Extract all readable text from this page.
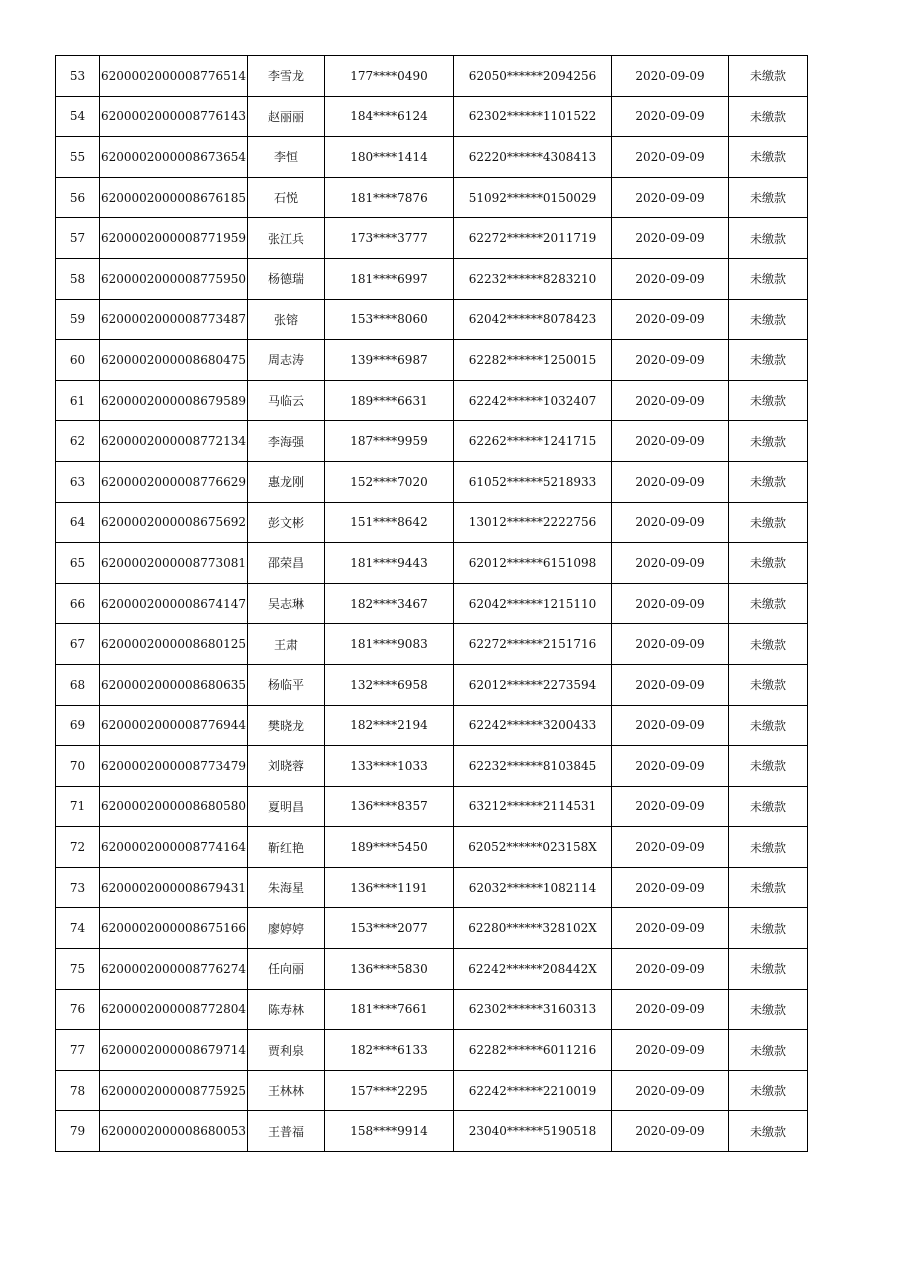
53	6200002000008776514	李雪龙	177****0490	62050******2094256	2020-09-09	未缴款
54	6200002000008776143	赵丽丽	184****6124	62302******1101522	2020-09-09	未缴款
55	6200002000008673654	李恒	180****1414	62220******4308413	2020-09-09	未缴款
56	6200002000008676185	石悦	181****7876	51092******0150029	2020-09-09	未缴款
57	6200002000008771959	张江兵	173****3777	62272******2011719	2020-09-09	未缴款
58	6200002000008775950	杨德瑞	181****6997	62232******8283210	2020-09-09	未缴款
59	6200002000008773487	张镕	153****8060	62042******8078423	2020-09-09	未缴款
60	6200002000008680475	周志涛	139****6987	62282******1250015	2020-09-09	未缴款
61	6200002000008679589	马临云	189****6631	62242******1032407	2020-09-09	未缴款
62	6200002000008772134	李海强	187****9959	62262******1241715	2020-09-09	未缴款
63	6200002000008776629	惠龙刚	152****7020	61052******5218933	2020-09-09	未缴款
64	6200002000008675692	彭文彬	151****8642	13012******2222756	2020-09-09	未缴款
65	6200002000008773081	邵荣昌	181****9443	62012******6151098	2020-09-09	未缴款
66	6200002000008674147	吴志琳	182****3467	62042******1215110	2020-09-09	未缴款
67	6200002000008680125	王肃	181****9083	62272******2151716	2020-09-09	未缴款
68	6200002000008680635	杨临平	132****6958	62012******2273594	2020-09-09	未缴款
69	6200002000008776944	樊晓龙	182****2194	62242******3200433	2020-09-09	未缴款
70	6200002000008773479	刘晓蓉	133****1033	62232******8103845	2020-09-09	未缴款
71	6200002000008680580	夏明昌	136****8357	63212******2114531	2020-09-09	未缴款
72	6200002000008774164	靳红艳	189****5450	62052******023158X	2020-09-09	未缴款
73	6200002000008679431	朱海星	136****1191	62032******1082114	2020-09-09	未缴款
74	6200002000008675166	廖婷婷	153****2077	62280******328102X	2020-09-09	未缴款
75	6200002000008776274	任向丽	136****5830	62242******208442X	2020-09-09	未缴款
76	6200002000008772804	陈寿林	181****7661	62302******3160313	2020-09-09	未缴款
77	6200002000008679714	贾利泉	182****6133	62282******6011216	2020-09-09	未缴款
78	6200002000008775925	王林林	157****2295	62242******2210019	2020-09-09	未缴款
79	6200002000008680053	王普福	158****9914	23040******5190518	2020-09-09	未缴款
